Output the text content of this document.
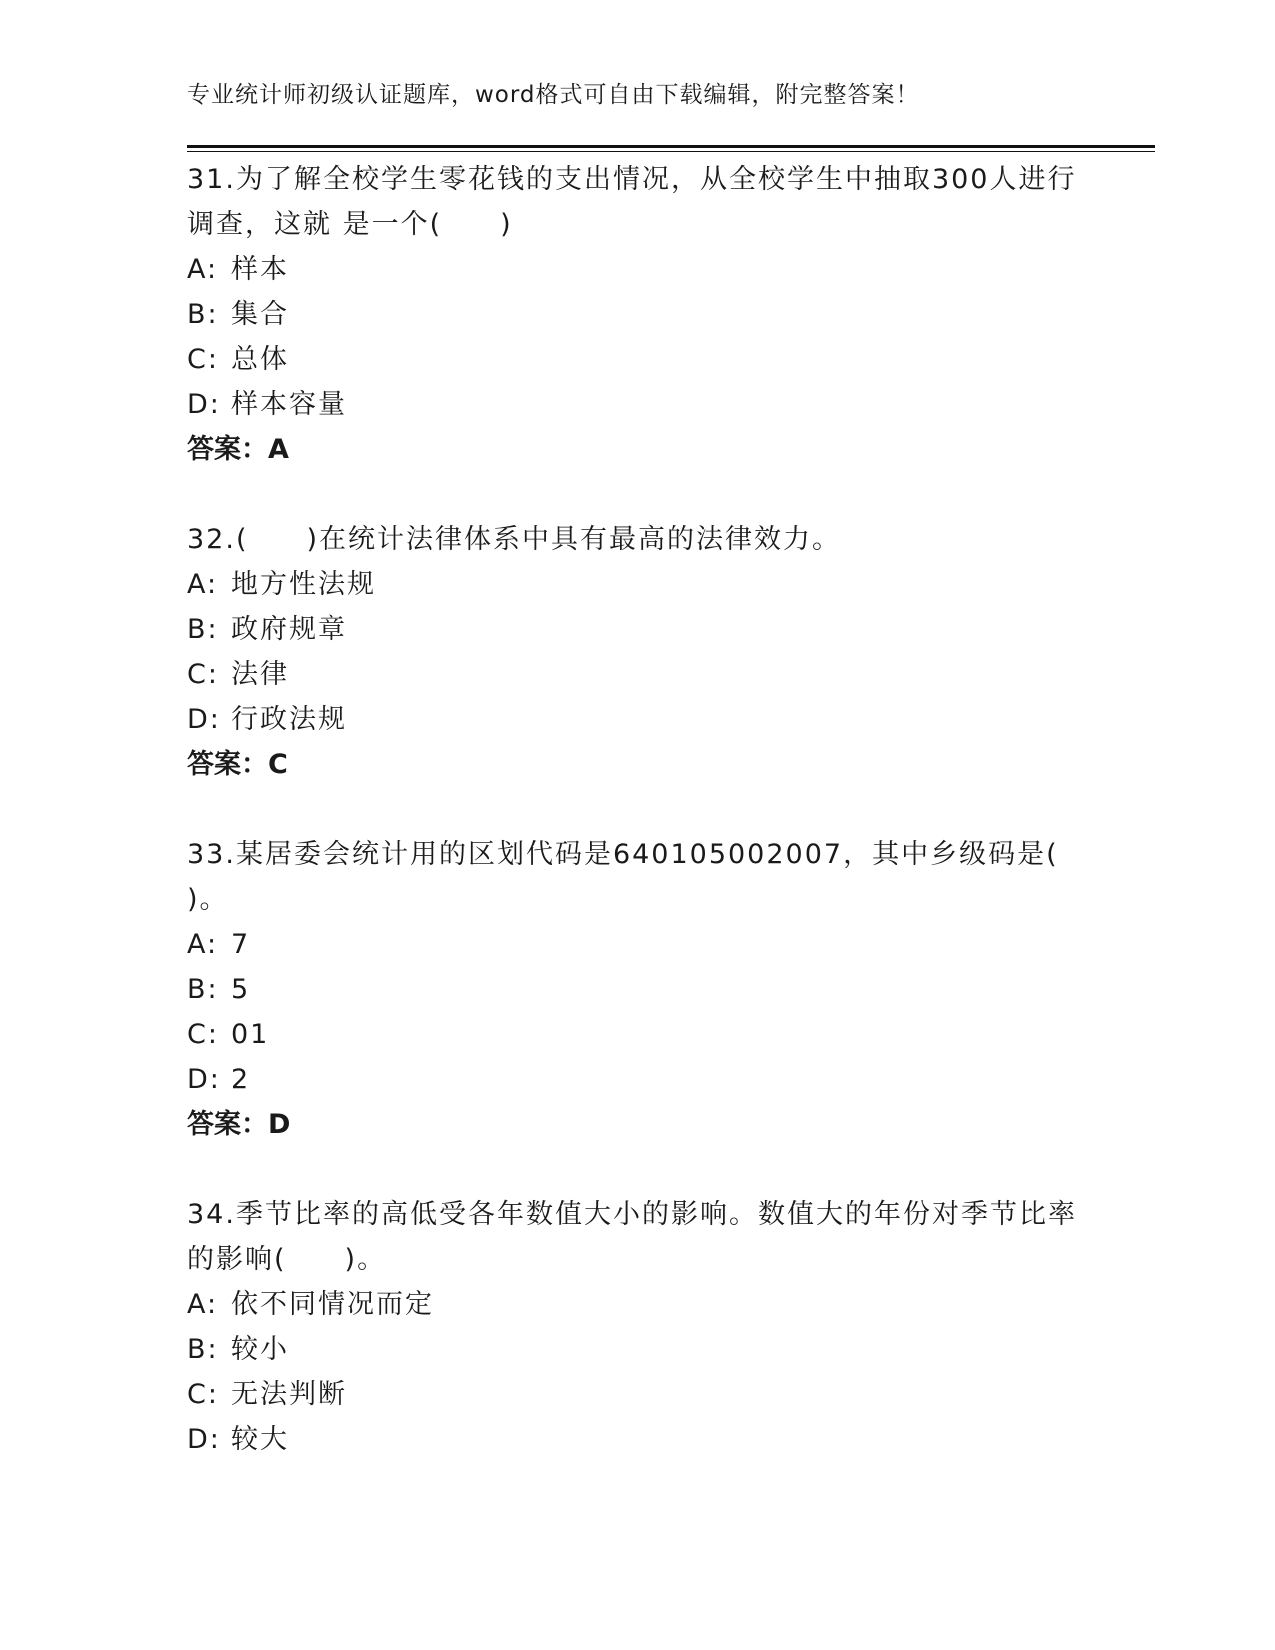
专业统计师初级认证题库，word格式可自由下载编辑，附完整答案！
31.为了解全校学生零花钱的支出情况，从全校学生中抽取300人进行调查，这就 是一个(　　)
A: 样本
B: 集合
C: 总体
D: 样本容量
答案：A
32.(　　)在统计法律体系中具有最高的法律效力。
A: 地方性法规
B: 政府规章
C: 法律
D: 行政法规
答案：C
33.某居委会统计用的区划代码是640105002007，其中乡级码是(　　)。
A: 7
B: 5
C: 01
D: 2
答案：D
34.季节比率的高低受各年数值大小的影响。数值大的年份对季节比率的影响(　　)。
A: 依不同情况而定
B: 较小
C: 无法判断
D: 较大
